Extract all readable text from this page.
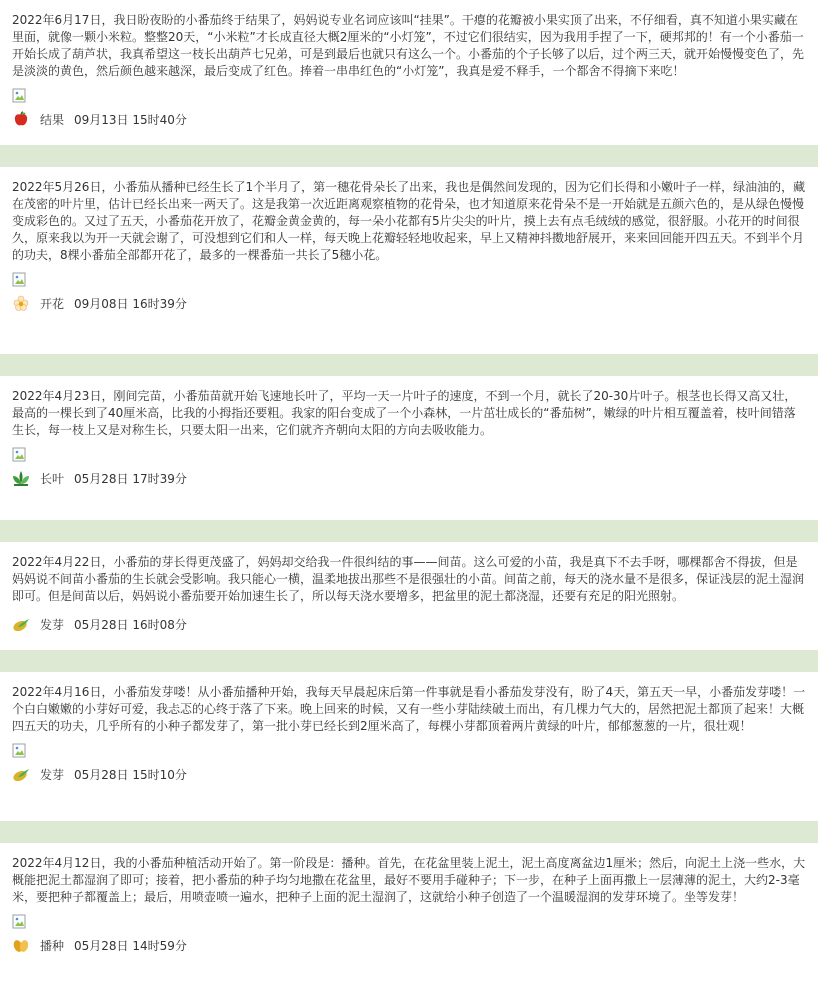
2022年6月17日，我日盼夜盼的小番茄终于结果了，妈妈说专业名词应该叫“挂果”。干瘪的花瓣被小果实顶了出来，不仔细看，真不知道小果实藏在里面，就像一颗小米粒。整整20天，“小米粒”才长成直径大概2厘米的“小灯笼”，不过它们很结实，因为我用手捏了一下，硬邦邦的！有一个小番茄一开始长成了葫芦状，我真希望这一枝长出葫芦七兄弟，可是到最后也就只有这么一个。小番茄的个子长够了以后，过个两三天，就开始慢慢变色了，先是淡淡的黄色，然后颜色越来越深，最后变成了红色。捧着一串串红色的“小灯笼”，我真是爱不释手，一个都舍不得摘下来吃！

结果 09月13日 15时40分

2022年5月26日，小番茄从播种已经生长了1个半月了，第一穗花骨朵长了出来，我也是偶然间发现的，因为它们长得和小嫩叶子一样，绿油油的，藏在茂密的叶片里，估计已经长出来一两天了。这是我第一次近距离观察植物的花骨朵，也才知道原来花骨朵不是一开始就是五颜六色的，是从绿色慢慢变成彩色的。又过了五天，小番茄花开放了，花瓣金黄金黄的，每一朵小花都有5片尖尖的叶片，摸上去有点毛绒绒的感觉，很舒服。小花开的时间很久，原来我以为开一天就会谢了，可没想到它们和人一样，每天晚上花瓣轻轻地收起来，早上又精神抖擞地舒展开，来来回回能开四五天。不到半个月的功夫，8棵小番茄全部都开花了，最多的一棵番茄一共长了5穗小花。

开花 09月08日 16时39分

2022年4月23日，刚间完苗，小番茄苗就开始飞速地长叶了，平均一天一片叶子的速度，不到一个月，就长了20-30片叶子。根茎也长得又高又壮，最高的一棵长到了40厘米高，比我的小拇指还要粗。我家的阳台变成了一个小森林，一片茁壮成长的“番茄树”，嫩绿的叶片相互覆盖着，枝叶间错落生长，每一枝上又是对称生长，只要太阳一出来，它们就齐齐朝向太阳的方向去吸收能力。

长叶 05月28日 17时39分

2022年4月22日，小番茄的芽长得更茂盛了，妈妈却交给我一件很纠结的事——间苗。这么可爱的小苗，我是真下不去手呀，哪棵都舍不得拔，但是妈妈说不间苗小番茄的生长就会受影响。我只能心一横，温柔地拔出那些不是很强壮的小苗。间苗之前，每天的浇水量不是很多，保证浅层的泥土湿润即可。但是间苗以后，妈妈说小番茄要开始加速生长了，所以每天浇水要增多，把盆里的泥土都浇湿，还要有充足的阳光照射。

发芽 05月28日 16时08分

2022年4月16日，小番茄发芽喽！从小番茄播种开始，我每天早晨起床后第一件事就是看小番茄发芽没有，盼了4天，第五天一早，小番茄发芽喽！一个白白嫩嫩的小芽好可爱，我忐忑的心终于落了下来。晚上回来的时候，又有一些小芽陆续破土而出，有几棵力气大的，居然把泥土都顶了起来！大概四五天的功夫，几乎所有的小种子都发芽了，第一批小芽已经长到2厘米高了，每棵小芽都顶着两片黄绿的叶片，郁郁葱葱的一片，很壮观！

发芽 05月28日 15时10分

2022年4月12日，我的小番茄种植活动开始了。第一阶段是：播种。首先，在花盆里装上泥土，泥土高度离盆边1厘米；然后，向泥土上浇一些水，大概能把泥土都湿润了即可；接着，把小番茄的种子均匀地撒在花盆里，最好不要用手碰种子；下一步，在种子上面再撒上一层薄薄的泥土，大约2-3毫米，要把种子都覆盖上；最后，用喷壶喷一遍水，把种子上面的泥土湿润了，这就给小种子创造了一个温暖湿润的发芽环境了。坐等发芽！

播种 05月28日 14时59分
